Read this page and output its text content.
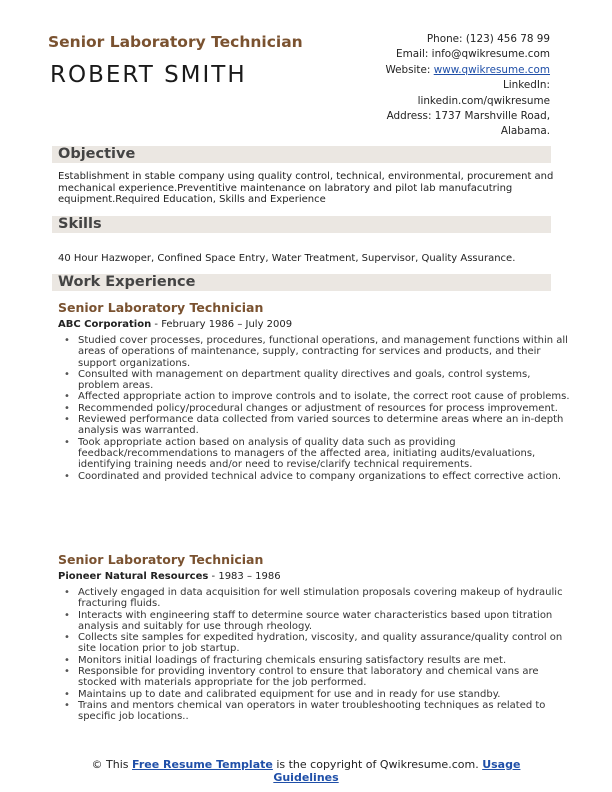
Senior Laboratory Technician
ROBERT SMITH
Phone: (123) 456 78 99
Email: info@qwikresume.com
Website: www.qwikresume.com
LinkedIn:
linkedin.com/qwikresume
Address: 1737 Marshville Road,
Alabama.
Objective
Establishment in stable company using quality control, technical, environmental, procurement and mechanical experience.Preventitive maintenance on labratory and pilot lab manufacutring equipment.Required Education, Skills and Experience
Skills
40 Hour Hazwoper, Confined Space Entry, Water Treatment, Supervisor, Quality Assurance.
Work Experience
Senior Laboratory Technician
ABC Corporation - February 1986 – July 2009
• Studied cover processes, procedures, functional operations, and management functions within all areas of operations of maintenance, supply, contracting for services and products, and their support organizations.
• Consulted with management on department quality directives and goals, control systems, problem areas.
• Affected appropriate action to improve controls and to isolate, the correct root cause of problems.
• Recommended policy/procedural changes or adjustment of resources for process improvement.
• Reviewed performance data collected from varied sources to determine areas where an in-depth analysis was warranted.
• Took appropriate action based on analysis of quality data such as providing feedback/recommendations to managers of the affected area, initiating audits/evaluations, identifying training needs and/or need to revise/clarify technical requirements.
• Coordinated and provided technical advice to company organizations to effect corrective action.
Senior Laboratory Technician
Pioneer Natural Resources - 1983 – 1986
• Actively engaged in data acquisition for well stimulation proposals covering makeup of hydraulic fracturing fluids.
• Interacts with engineering staff to determine source water characteristics based upon titration analysis and suitably for use through rheology.
• Collects site samples for expedited hydration, viscosity, and quality assurance/quality control on site location prior to job startup.
• Monitors initial loadings of fracturing chemicals ensuring satisfactory results are met.
• Responsible for providing inventory control to ensure that laboratory and chemical vans are stocked with materials appropriate for the job performed.
• Maintains up to date and calibrated equipment for use and in ready for use standby.
• Trains and mentors chemical van operators in water troubleshooting techniques as related to specific job locations..
© This Free Resume Template is the copyright of Qwikresume.com. Usage
Guidelines
